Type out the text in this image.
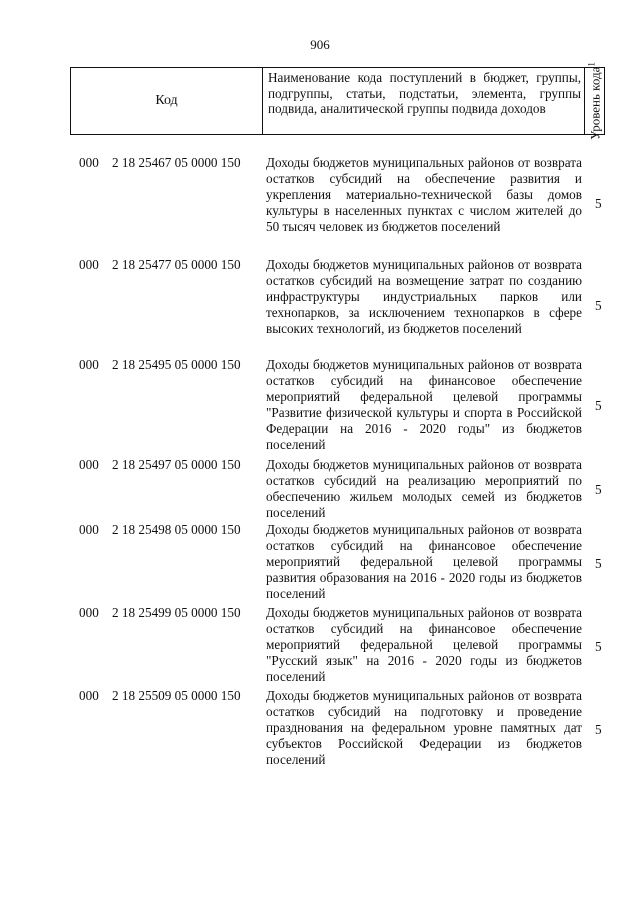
906
Код
Наименование кода поступлений в бюджет, группы, подгруппы, статьи, подстатьи, элемента, группы подвида, аналитической группы подвида доходов	Уровень кода$^1$
000 2 18 25467 05 0000 150 Доходы бюджетов муниципальных районов от возврата остатков субсидий на обеспечение развития и укрепления материально-технической базы домов культуры в населенных пунктах с числом жителей до 50 тысяч человек из бюджетов поселений
5
000 2 18 25477 05 0000 150 Доходы бюджетов муниципальных районов от возврата остатков субсидий на возмещение затрат по созданию инфраструктуры индустриальных парков или технопарков, за исключением технопарков в сфере высоких технологий, из бюджетов поселений
5
000 2 18 25495 05 0000 150 Доходы бюджетов муниципальных районов от возврата остатков субсидий на финансовое обеспечение мероприятий федеральной целевой программы "Развитие физической культуры и спорта в Российской Федерации на 2016 - 2020 годы" из бюджетов поселений
5
000 2 18 25497 05 0000 150 Доходы бюджетов муниципальных районов от возврата остатков субсидий на реализацию мероприятий по обеспечению жильем молодых семей из бюджетов поселений
5
000 2 18 25498 05 0000 150 Доходы бюджетов муниципальных районов от возврата остатков субсидий на финансовое обеспечение мероприятий федеральной целевой программы развития образования на 2016 - 2020 годы из бюджетов поселений
5
000 2 18 25499 05 0000 150 Доходы бюджетов муниципальных районов от возврата остатков субсидий на финансовое обеспечение мероприятий федеральной целевой программы "Русский язык" на 2016 - 2020 годы из бюджетов поселений
5
000 2 18 25509 05 0000 150 Доходы бюджетов муниципальных районов от возврата остатков субсидий на подготовку и проведение празднования на федеральном уровне памятных дат субъектов Российской Федерации из бюджетов поселений
5
